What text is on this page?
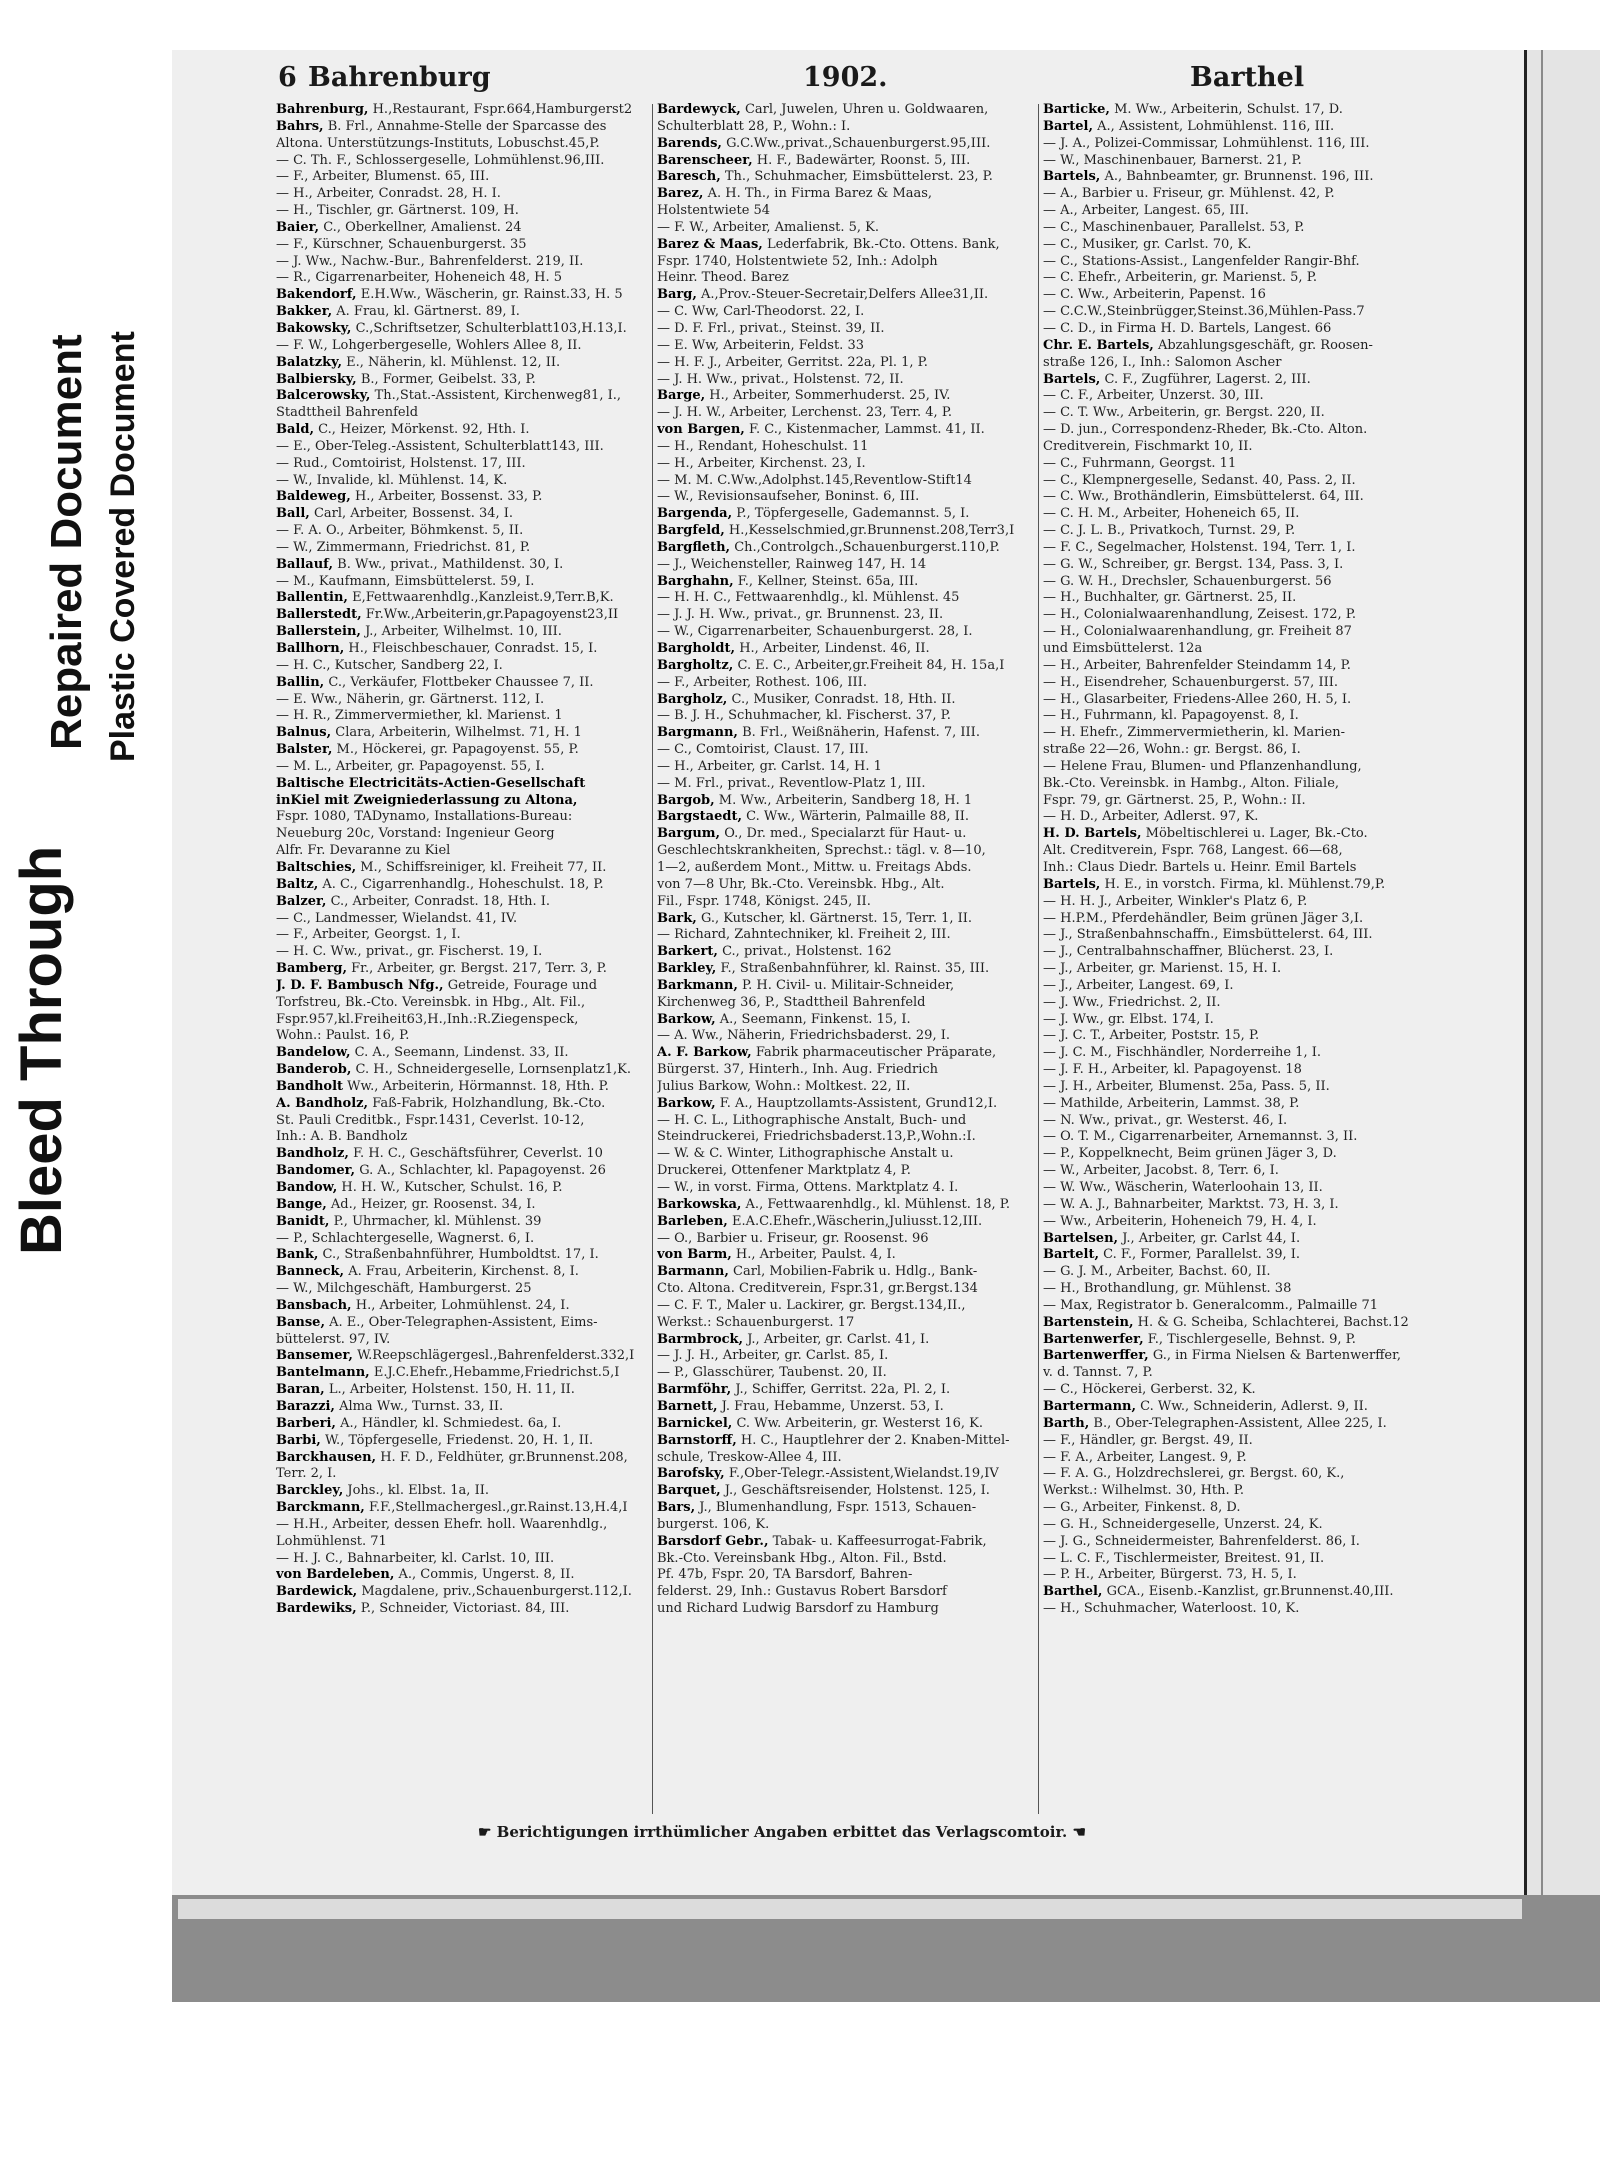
Bleed Through
Repaired Document Plastic Covered Document
6 Bahrenburg	1902.	Barthel
Bahrenburg, H.,Restaurant, Fspr.664,Hamburgerst2
Bahrs, B. Frl., Annahme-Stelle der Sparcasse des
Altona. Unterstützungs-Instituts, Lobuschst.45,P.
— C. Th. F., Schlossergeselle, Lohmühlenst.96,III.
— F., Arbeiter, Blumenst. 65, III.
— H., Arbeiter, Conradst. 28, H. I.
— H., Tischler, gr. Gärtnerst. 109, H.
Baier, C., Oberkellner, Amalienst. 24
— F., Kürschner, Schauenburgerst. 35
— J. Ww., Nachw.-Bur., Bahrenfelderst. 219, II.
— R., Cigarrenarbeiter, Hoheneich 48, H. 5
Bakendorf, E.H.Ww., Wäscherin, gr. Rainst.33, H. 5
Bakker, A. Frau, kl. Gärtnerst. 89, I.
Bakowsky, C.,Schriftsetzer, Schulterblatt103,H.13,I.
— F. W., Lohgerbergeselle, Wohlers Allee 8, II.
Balatzky, E., Näherin, kl. Mühlenst. 12, II.
Balbiersky, B., Former, Geibelst. 33, P.
Balcerowsky, Th.,Stat.-Assistent, Kirchenweg81, I.,
Stadttheil Bahrenfeld
Bald, C., Heizer, Mörkenst. 92, Hth. I.
— E., Ober-Teleg.-Assistent, Schulterblatt143, III.
— Rud., Comtoirist, Holstenst. 17, III.
— W., Invalide, kl. Mühlenst. 14, K.
Baldeweg, H., Arbeiter, Bossenst. 33, P.
Ball, Carl, Arbeiter, Bossenst. 34, I.
— F. A. O., Arbeiter, Böhmkenst. 5, II.
— W., Zimmermann, Friedrichst. 81, P.
Ballauf, B. Ww., privat., Mathildenst. 30, I.
— M., Kaufmann, Eimsbüttelerst. 59, I.
Ballentin, E,Fettwaarenhdlg.,Kanzleist.9,Terr.B,K.
Ballerstedt, Fr.Ww.,Arbeiterin,gr.Papagoyenst23,II
Ballerstein, J., Arbeiter, Wilhelmst. 10, III.
Ballhorn, H., Fleischbeschauer, Conradst. 15, I.
— H. C., Kutscher, Sandberg 22, I.
Ballin, C., Verkäufer, Flottbeker Chaussee 7, II.
— E. Ww., Näherin, gr. Gärtnerst. 112, I.
— H. R., Zimmervermiether, kl. Marienst. 1
Balnus, Clara, Arbeiterin, Wilhelmst. 71, H. 1
Balster, M., Höckerei, gr. Papagoyenst. 55, P.
— M. L., Arbeiter, gr. Papagoyenst. 55, I.
Baltische Electricitäts-Actien-Gesellschaft
inKiel mit Zweigniederlassung zu Altona,
Fspr. 1080, TADynamo, Installations-Bureau:
Neueburg 20c, Vorstand: Ingenieur Georg
Alfr. Fr. Devaranne zu Kiel
Baltschies, M., Schiffsreiniger, kl. Freiheit 77, II.
Baltz, A. C., Cigarrenhandlg., Hoheschulst. 18, P.
Balzer, C., Arbeiter, Conradst. 18, Hth. I.
— C., Landmesser, Wielandst. 41, IV.
— F., Arbeiter, Georgst. 1, I.
— H. C. Ww., privat., gr. Fischerst. 19, I.
Bamberg, Fr., Arbeiter, gr. Bergst. 217, Terr. 3, P.
J. D. F. Bambusch Nfg., Getreide, Fourage und
Torfstreu, Bk.-Cto. Vereinsbk. in Hbg., Alt. Fil.,
Fspr.957,kl.Freiheit63,H.,Inh.:R.Ziegenspeck,
Wohn.: Paulst. 16, P.
Bandelow, C. A., Seemann, Lindenst. 33, II.
Banderob, C. H., Schneidergeselle, Lornsenplatz1,K.
Bandholt Ww., Arbeiterin, Hörmannst. 18, Hth. P.
A. Bandholz, Faß-Fabrik, Holzhandlung, Bk.-Cto.
St. Pauli Creditbk., Fspr.1431, Ceverlst. 10-12,
Inh.: A. B. Bandholz
Bandholz, F. H. C., Geschäftsführer, Ceverlst. 10
Bandomer, G. A., Schlachter, kl. Papagoyenst. 26
Bandow, H. H. W., Kutscher, Schulst. 16, P.
Bange, Ad., Heizer, gr. Roosenst. 34, I.
Banidt, P., Uhrmacher, kl. Mühlenst. 39
— P., Schlachtergeselle, Wagnerst. 6, I.
Bank, C., Straßenbahnführer, Humboldtst. 17, I.
Banneck, A. Frau, Arbeiterin, Kirchenst. 8, I.
— W., Milchgeschäft, Hamburgerst. 25
Bansbach, H., Arbeiter, Lohmühlenst. 24, I.
Banse, A. E., Ober-Telegraphen-Assistent, Eims-
büttelerst. 97, IV.
Bansemer, W.Reepschlägergesl.,Bahrenfelderst.332,I
Bantelmann, E.J.C.Ehefr.,Hebamme,Friedrichst.5,I
Baran, L., Arbeiter, Holstenst. 150, H. 11, II.
Barazzi, Alma Ww., Turnst. 33, II.
Barberi, A., Händler, kl. Schmiedest. 6a, I.
Barbi, W., Töpfergeselle, Friedenst. 20, H. 1, II.
Barckhausen, H. F. D., Feldhüter, gr.Brunnenst.208,
Terr. 2, I.
Barckley, Johs., kl. Elbst. 1a, II.
Barckmann, F.F.,Stellmachergesl.,gr.Rainst.13,H.4,I
— H.H., Arbeiter, dessen Ehefr. holl. Waarenhdlg.,
Lohmühlenst. 71
— H. J. C., Bahnarbeiter, kl. Carlst. 10, III.
von Bardeleben, A., Commis, Ungerst. 8, II.
Bardewick, Magdalene, priv.,Schauenburgerst.112,I.
Bardewiks, P., Schneider, Victoriast. 84, III.
Bardewyck, Carl, Juwelen, Uhren u. Goldwaaren,
Schulterblatt 28, P., Wohn.: I.
Barends, G.C.Ww.,privat.,Schauenburgerst.95,III.
Barenscheer, H. F., Badewärter, Roonst. 5, III.
Baresch, Th., Schuhmacher, Eimsbüttelerst. 23, P.
Barez, A. H. Th., in Firma Barez & Maas,
Holstentwiete 54
— F. W., Arbeiter, Amalienst. 5, K.
Barez & Maas, Lederfabrik, Bk.-Cto. Ottens. Bank,
Fspr. 1740, Holstentwiete 52, Inh.: Adolph
Heinr. Theod. Barez
Barg, A.,Prov.-Steuer-Secretair,Delfers Allee31,II.
— C. Ww, Carl-Theodorst. 22, I.
— D. F. Frl., privat., Steinst. 39, II.
— E. Ww, Arbeiterin, Feldst. 33
— H. F. J., Arbeiter, Gerritst. 22a, Pl. 1, P.
— J. H. Ww., privat., Holstenst. 72, II.
Barge, H., Arbeiter, Sommerhuderst. 25, IV.
— J. H. W., Arbeiter, Lerchenst. 23, Terr. 4, P.
von Bargen, F. C., Kistenmacher, Lammst. 41, II.
— H., Rendant, Hoheschulst. 11
— H., Arbeiter, Kirchenst. 23, I.
— M. M. C.Ww.,Adolphst.145,Reventlow-Stift14
— W., Revisionsaufseher, Boninst. 6, III.
Bargenda, P., Töpfergeselle, Gademannst. 5, I.
Bargfeld, H.,Kesselschmied,gr.Brunnenst.208,Terr3,I
Bargfleth, Ch.,Controlgch.,Schauenburgerst.110,P.
— J., Weichensteller, Rainweg 147, H. 14
Barghahn, F., Kellner, Steinst. 65a, III.
— H. H. C., Fettwaarenhdlg., kl. Mühlenst. 45
— J. J. H. Ww., privat., gr. Brunnenst. 23, II.
— W., Cigarrenarbeiter, Schauenburgerst. 28, I.
Bargholdt, H., Arbeiter, Lindenst. 46, II.
Bargholtz, C. E. C., Arbeiter,gr.Freiheit 84, H. 15a,I
— F., Arbeiter, Rothest. 106, III.
Bargholz, C., Musiker, Conradst. 18, Hth. II.
— B. J. H., Schuhmacher, kl. Fischerst. 37, P.
Bargmann, B. Frl., Weißnäherin, Hafenst. 7, III.
— C., Comtoirist, Claust. 17, III.
— H., Arbeiter, gr. Carlst. 14, H. 1
— M. Frl., privat., Reventlow-Platz 1, III.
Bargob, M. Ww., Arbeiterin, Sandberg 18, H. 1
Bargstaedt, C. Ww., Wärterin, Palmaille 88, II.
Bargum, O., Dr. med., Specialarzt für Haut- u.
Geschlechtskrankheiten, Sprechst.: tägl. v. 8—10,
1—2, außerdem Mont., Mittw. u. Freitags Abds.
von 7—8 Uhr, Bk.-Cto. Vereinsbk. Hbg., Alt.
Fil., Fspr. 1748, Königst. 245, II.
Bark, G., Kutscher, kl. Gärtnerst. 15, Terr. 1, II.
— Richard, Zahntechniker, kl. Freiheit 2, III.
Barkert, C., privat., Holstenst. 162
Barkley, F., Straßenbahnführer, kl. Rainst. 35, III.
Barkmann, P. H. Civil- u. Militair-Schneider,
Kirchenweg 36, P., Stadttheil Bahrenfeld
Barkow, A., Seemann, Finkenst. 15, I.
— A. Ww., Näherin, Friedrichsbaderst. 29, I.
A. F. Barkow, Fabrik pharmaceutischer Präparate,
Bürgerst. 37, Hinterh., Inh. Aug. Friedrich
Julius Barkow, Wohn.: Moltkest. 22, II.
Barkow, F. A., Hauptzollamts-Assistent, Grund12,I.
— H. C. L., Lithographische Anstalt, Buch- und
Steindruckerei, Friedrichsbaderst.13,P.,Wohn.:I.
— W. & C. Winter, Lithographische Anstalt u.
Druckerei, Ottenfener Marktplatz 4, P.
— W., in vorst. Firma, Ottens. Marktplatz 4. I.
Barkowska, A., Fettwaarenhdlg., kl. Mühlenst. 18, P.
Barleben, E.A.C.Ehefr.,Wäscherin,Juliusst.12,III.
— O., Barbier u. Friseur, gr. Roosenst. 96
von Barm, H., Arbeiter, Paulst. 4, I.
Barmann, Carl, Mobilien-Fabrik u. Hdlg., Bank-
Cto. Altona. Creditverein, Fspr.31, gr.Bergst.134
— C. F. T., Maler u. Lackirer, gr. Bergst.134,II.,
Werkst.: Schauenburgerst. 17
Barmbrock, J., Arbeiter, gr. Carlst. 41, I.
— J. J. H., Arbeiter, gr. Carlst. 85, I.
— P., Glasschürer, Taubenst. 20, II.
Barmföhr, J., Schiffer, Gerritst. 22a, Pl. 2, I.
Barnett, J. Frau, Hebamme, Unzerst. 53, I.
Barnickel, C. Ww. Arbeiterin, gr. Westerst 16, K.
Barnstorff, H. C., Hauptlehrer der 2. Knaben-Mittel-
schule, Treskow-Allee 4, III.
Barofsky, F.,Ober-Telegr.-Assistent,Wielandst.19,IV
Barquet, J., Geschäftsreisender, Holstenst. 125, I.
Bars, J., Blumenhandlung, Fspr. 1513, Schauen-
burgerst. 106, K.
Barsdorf Gebr., Tabak- u. Kaffeesurrogat-Fabrik,
Bk.-Cto. Vereinsbank Hbg., Alton. Fil., Bstd.
Pf. 47b, Fspr. 20, TA Barsdorf, Bahren-
felderst. 29, Inh.: Gustavus Robert Barsdorf
und Richard Ludwig Barsdorf zu Hamburg
Barticke, M. Ww., Arbeiterin, Schulst. 17, D.
Bartel, A., Assistent, Lohmühlenst. 116, III.
— J. A., Polizei-Commissar, Lohmühlenst. 116, III.
— W., Maschinenbauer, Barnerst. 21, P.
Bartels, A., Bahnbeamter, gr. Brunnenst. 196, III.
— A., Barbier u. Friseur, gr. Mühlenst. 42, P.
— A., Arbeiter, Langest. 65, III.
— C., Maschinenbauer, Parallelst. 53, P.
— C., Musiker, gr. Carlst. 70, K.
— C., Stations-Assist., Langenfelder Rangir-Bhf.
— C. Ehefr., Arbeiterin, gr. Marienst. 5, P.
— C. Ww., Arbeiterin, Papenst. 16
— C.C.W.,Steinbrügger,Steinst.36,Mühlen-Pass.7
— C. D., in Firma H. D. Bartels, Langest. 66
Chr. E. Bartels, Abzahlungsgeschäft, gr. Roosen-
straße 126, I., Inh.: Salomon Ascher
Bartels, C. F., Zugführer, Lagerst. 2, III.
— C. F., Arbeiter, Unzerst. 30, III.
— C. T. Ww., Arbeiterin, gr. Bergst. 220, II.
— D. jun., Correspondenz-Rheder, Bk.-Cto. Alton.
Creditverein, Fischmarkt 10, II.
— C., Fuhrmann, Georgst. 11
— C., Klempnergeselle, Sedanst. 40, Pass. 2, II.
— C. Ww., Brothändlerin, Eimsbüttelerst. 64, III.
— C. H. M., Arbeiter, Hoheneich 65, II.
— C. J. L. B., Privatkoch, Turnst. 29, P.
— F. C., Segelmacher, Holstenst. 194, Terr. 1, I.
— G. W., Schreiber, gr. Bergst. 134, Pass. 3, I.
— G. W. H., Drechsler, Schauenburgerst. 56
— H., Buchhalter, gr. Gärtnerst. 25, II.
— H., Colonialwaarenhandlung, Zeisest. 172, P.
— H., Colonialwaarenhandlung, gr. Freiheit 87
und Eimsbüttelerst. 12a
— H., Arbeiter, Bahrenfelder Steindamm 14, P.
— H., Eisendreher, Schauenburgerst. 57, III.
— H., Glasarbeiter, Friedens-Allee 260, H. 5, I.
— H., Fuhrmann, kl. Papagoyenst. 8, I.
— H. Ehefr., Zimmervermietherin, kl. Marien-
straße 22—26, Wohn.: gr. Bergst. 86, I.
— Helene Frau, Blumen- und Pflanzenhandlung,
Bk.-Cto. Vereinsbk. in Hambg., Alton. Filiale,
Fspr. 79, gr. Gärtnerst. 25, P., Wohn.: II.
— H. D., Arbeiter, Adlerst. 97, K.
H. D. Bartels, Möbeltischlerei u. Lager, Bk.-Cto.
Alt. Creditverein, Fspr. 768, Langest. 66—68,
Inh.: Claus Diedr. Bartels u. Heinr. Emil Bartels
Bartels, H. E., in vorstch. Firma, kl. Mühlenst.79,P.
— H. H. J., Arbeiter, Winkler's Platz 6, P.
— H.P.M., Pferdehändler, Beim grünen Jäger 3,I.
— J., Straßenbahnschaffn., Eimsbüttelerst. 64, III.
— J., Centralbahnschaffner, Blücherst. 23, I.
— J., Arbeiter, gr. Marienst. 15, H. I.
— J., Arbeiter, Langest. 69, I.
— J. Ww., Friedrichst. 2, II.
— J. Ww., gr. Elbst. 174, I.
— J. C. T., Arbeiter, Poststr. 15, P.
— J. C. M., Fischhändler, Norderreihe 1, I.
— J. F. H., Arbeiter, kl. Papagoyenst. 18
— J. H., Arbeiter, Blumenst. 25a, Pass. 5, II.
— Mathilde, Arbeiterin, Lammst. 38, P.
— N. Ww., privat., gr. Westerst. 46, I.
— O. T. M., Cigarrenarbeiter, Arnemannst. 3, II.
— P., Koppelknecht, Beim grünen Jäger 3, D.
— W., Arbeiter, Jacobst. 8, Terr. 6, I.
— W. Ww., Wäscherin, Waterloohain 13, II.
— W. A. J., Bahnarbeiter, Marktst. 73, H. 3, I.
— Ww., Arbeiterin, Hoheneich 79, H. 4, I.
Bartelsen, J., Arbeiter, gr. Carlst 44, I.
Bartelt, C. F., Former, Parallelst. 39, I.
— G. J. M., Arbeiter, Bachst. 60, II.
— H., Brothandlung, gr. Mühlenst. 38
— Max, Registrator b. Generalcomm., Palmaille 71
Bartenstein, H. & G. Scheiba, Schlachterei, Bachst.12
Bartenwerfer, F., Tischlergeselle, Behnst. 9, P.
Bartenwerffer, G., in Firma Nielsen & Bartenwerffer,
v. d. Tannst. 7, P.
— C., Höckerei, Gerberst. 32, K.
Bartermann, C. Ww., Schneiderin, Adlerst. 9, II.
Barth, B., Ober-Telegraphen-Assistent, Allee 225, I.
— F., Händler, gr. Bergst. 49, II.
— F. A., Arbeiter, Langest. 9, P.
— F. A. G., Holzdrechslerei, gr. Bergst. 60, K.,
Werkst.: Wilhelmst. 30, Hth. P.
— G., Arbeiter, Finkenst. 8, D.
— G. H., Schneidergeselle, Unzerst. 24, K.
— J. G., Schneidermeister, Bahrenfelderst. 86, I.
— L. C. F., Tischlermeister, Breitest. 91, II.
— P. H., Arbeiter, Bürgerst. 73, H. 5, I.
Barthel, GCA., Eisenb.-Kanzlist, gr.Brunnenst.40,III.
— H., Schuhmacher, Waterloost. 10, K.
☛ Berichtigungen irrthümlicher Angaben erbittet das Verlagscomtoir. ☚
